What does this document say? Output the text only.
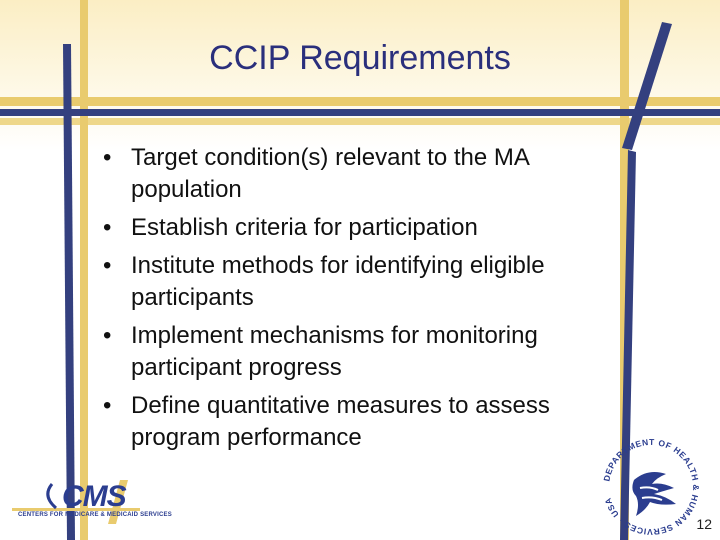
CCIP Requirements
• Target condition(s) relevant to the MA population
• Establish criteria for participation
• Institute methods for identifying eligible participants
• Implement mechanisms for monitoring participant progress
• Define quantitative measures to assess program performance
CMS
CENTERS FOR MEDICARE & MEDICAID SERVICES
DEPARTMENT OF HEALTH & HUMAN SERVICES · USA
12
